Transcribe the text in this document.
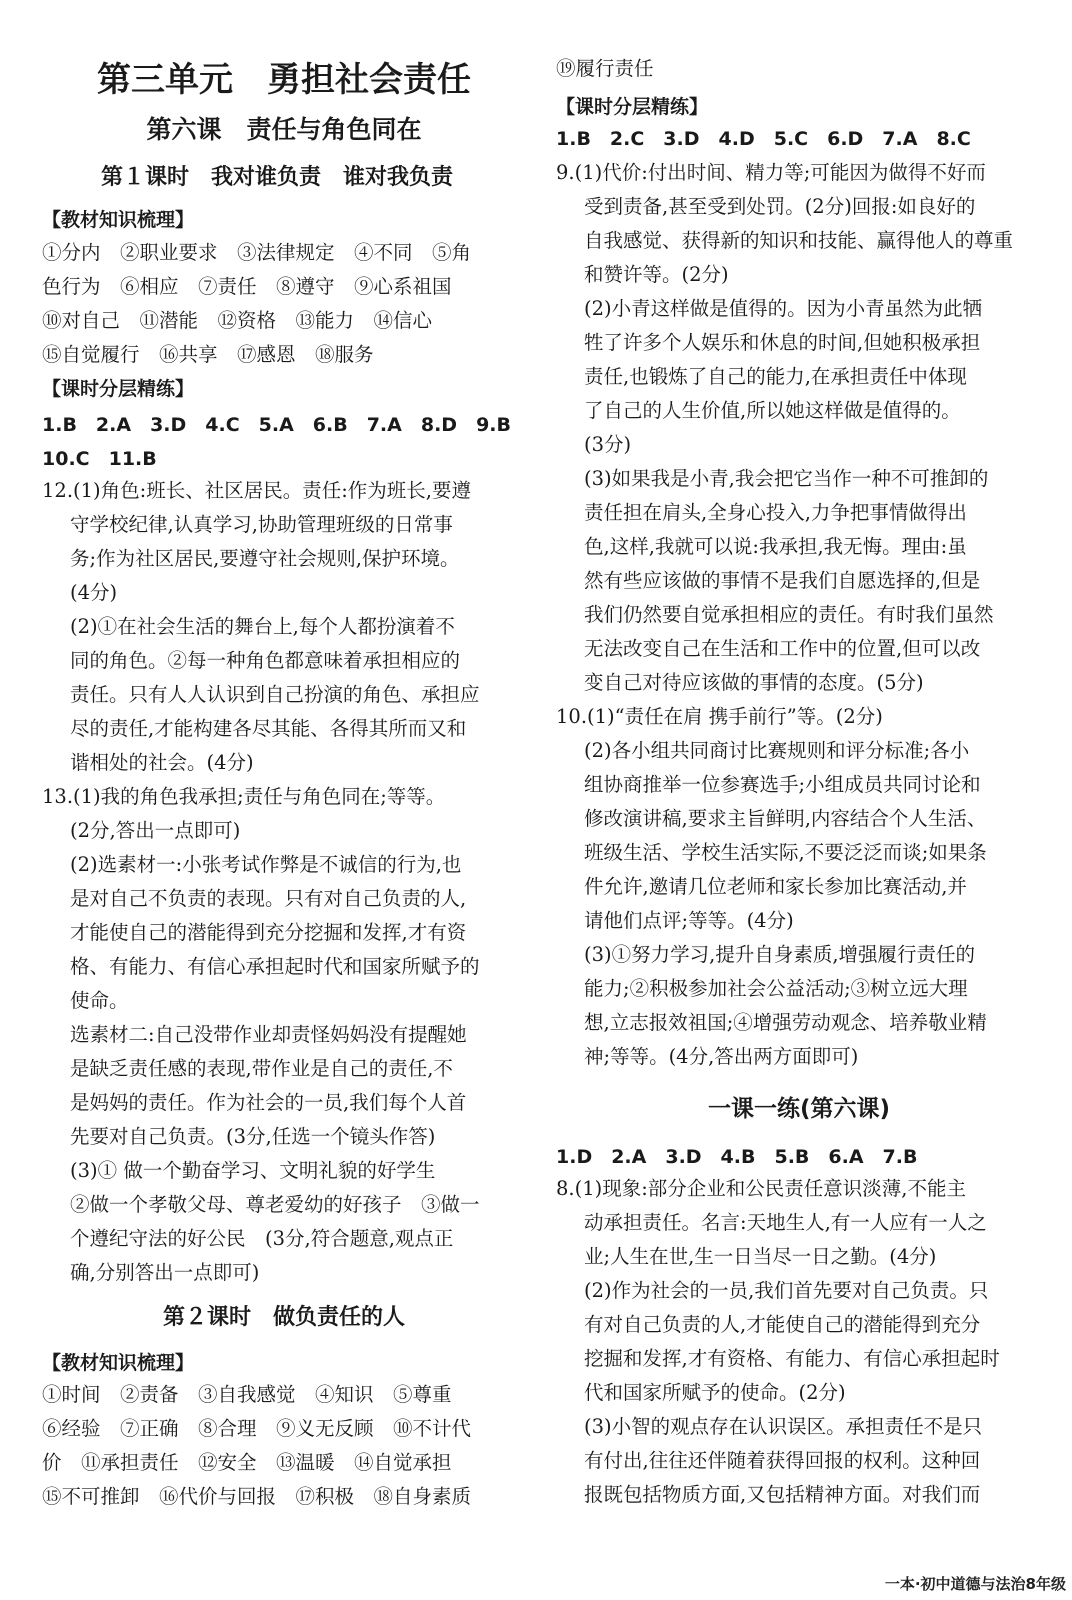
第三单元　勇担社会责任
第六课　责任与角色同在
第１课时　我对谁负责　谁对我负责
【教材知识梳理】
①分内　②职业要求　③法律规定　④不同　⑤角
色行为　⑥相应　⑦责任　⑧遵守　⑨心系祖国
⑩对自己　⑪潜能　⑫资格　⑬能力　⑭信心
⑮自觉履行　⑯共享　⑰感恩　⑱服务
【课时分层精练】
1.B　2.A　3.D　4.C　5.A　6.B　7.A　8.D　9.B
10.C　11.B
12.(1)角色:班长、社区居民。责任:作为班长,要遵
守学校纪律,认真学习,协助管理班级的日常事
务;作为社区居民,要遵守社会规则,保护环境。
(4分)
(2)①在社会生活的舞台上,每个人都扮演着不
同的角色。②每一种角色都意味着承担相应的
责任。只有人人认识到自己扮演的角色、承担应
尽的责任,才能构建各尽其能、各得其所而又和
谐相处的社会。(4分)
13.(1)我的角色我承担;责任与角色同在;等等。
(2分,答出一点即可)
(2)选素材一:小张考试作弊是不诚信的行为,也
是对自己不负责的表现。只有对自己负责的人,
才能使自己的潜能得到充分挖掘和发挥,才有资
格、有能力、有信心承担起时代和国家所赋予的
使命。
选素材二:自己没带作业却责怪妈妈没有提醒她
是缺乏责任感的表现,带作业是自己的责任,不
是妈妈的责任。作为社会的一员,我们每个人首
先要对自己负责。(3分,任选一个镜头作答)
(3)① 做一个勤奋学习、文明礼貌的好学生
②做一个孝敬父母、尊老爱幼的好孩子　③做一
个遵纪守法的好公民　(3分,符合题意,观点正
确,分别答出一点即可)
第２课时　做负责任的人
【教材知识梳理】
①时间　②责备　③自我感觉　④知识　⑤尊重
⑥经验　⑦正确　⑧合理　⑨义无反顾　⑩不计代
价　⑪承担责任　⑫安全　⑬温暖　⑭自觉承担
⑮不可推卸　⑯代价与回报　⑰积极　⑱自身素质
⑲履行责任
【课时分层精练】
1.B　2.C　3.D　4.D　5.C　6.D　7.A　8.C
9.(1)代价:付出时间、精力等;可能因为做得不好而
受到责备,甚至受到处罚。(2分)回报:如良好的
自我感觉、获得新的知识和技能、赢得他人的尊重
和赞许等。(2分)
(2)小青这样做是值得的。因为小青虽然为此牺
牲了许多个人娱乐和休息的时间,但她积极承担
责任,也锻炼了自己的能力,在承担责任中体现
了自己的人生价值,所以她这样做是值得的。
(3分)
(3)如果我是小青,我会把它当作一种不可推卸的
责任担在肩头,全身心投入,力争把事情做得出
色,这样,我就可以说:我承担,我无悔。理由:虽
然有些应该做的事情不是我们自愿选择的,但是
我们仍然要自觉承担相应的责任。有时我们虽然
无法改变自己在生活和工作中的位置,但可以改
变自己对待应该做的事情的态度。(5分)
10.(1)“责任在肩 携手前行”等。(2分)
(2)各小组共同商讨比赛规则和评分标准;各小
组协商推举一位参赛选手;小组成员共同讨论和
修改演讲稿,要求主旨鲜明,内容结合个人生活、
班级生活、学校生活实际,不要泛泛而谈;如果条
件允许,邀请几位老师和家长参加比赛活动,并
请他们点评;等等。(4分)
(3)①努力学习,提升自身素质,增强履行责任的
能力;②积极参加社会公益活动;③树立远大理
想,立志报效祖国;④增强劳动观念、培养敬业精
神;等等。(4分,答出两方面即可)
一课一练(第六课)
1.D　2.A　3.D　4.B　5.B　6.A　7.B
8.(1)现象:部分企业和公民责任意识淡薄,不能主
动承担责任。名言:天地生人,有一人应有一人之
业;人生在世,生一日当尽一日之勤。(4分)
(2)作为社会的一员,我们首先要对自己负责。只
有对自己负责的人,才能使自己的潜能得到充分
挖掘和发挥,才有资格、有能力、有信心承担起时
代和国家所赋予的使命。(2分)
(3)小智的观点存在认识误区。承担责任不是只
有付出,往往还伴随着获得回报的权利。这种回
报既包括物质方面,又包括精神方面。对我们而
一本·初中道德与法治8年级
